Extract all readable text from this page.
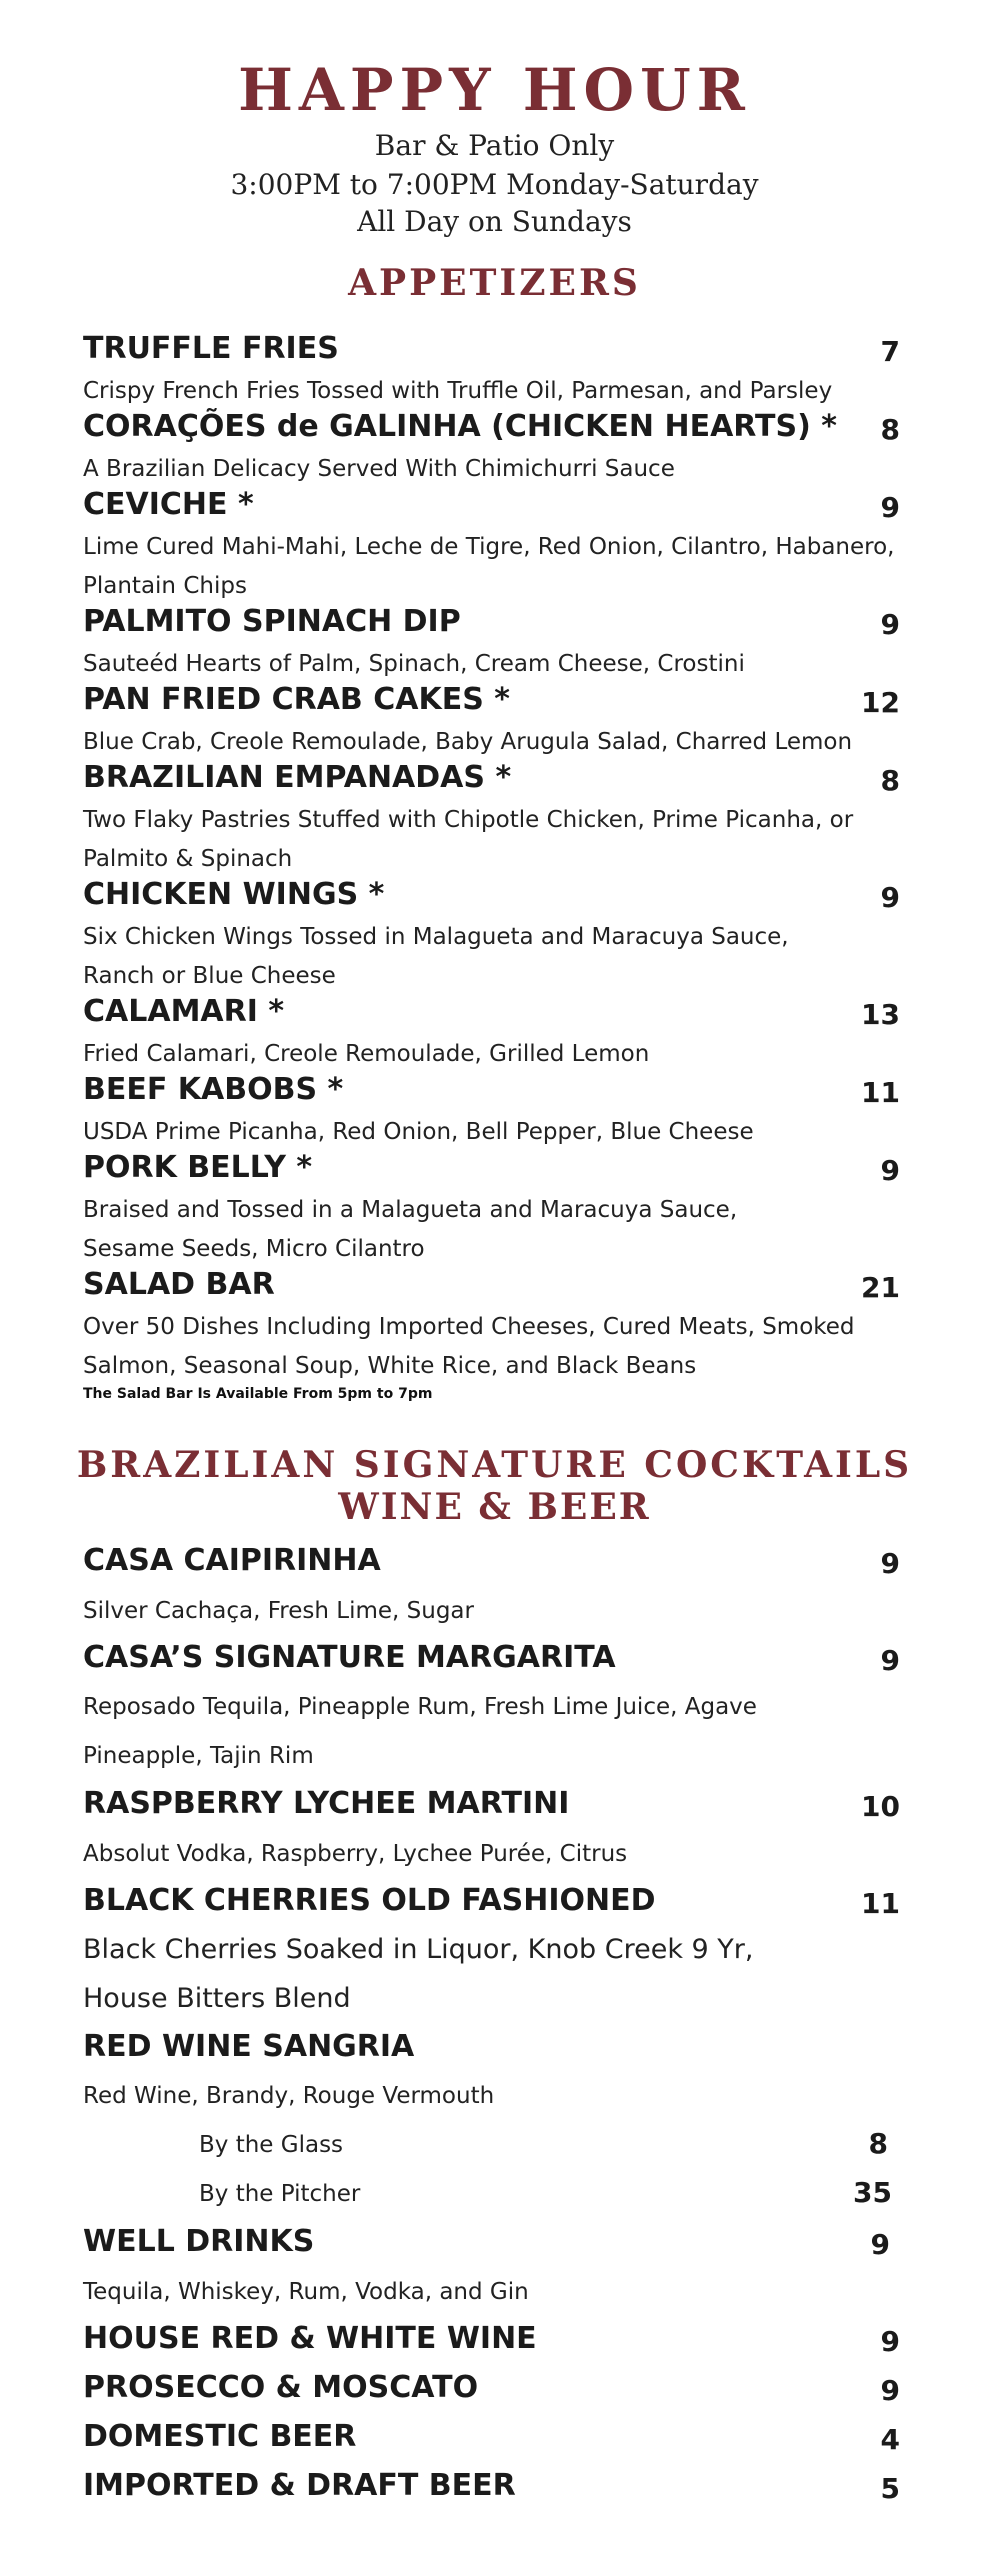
HAPPY HOUR
Bar & Patio Only
3:00PM to 7:00PM Monday-Saturday
All Day on Sundays
APPETIZERS
TRUFFLE FRIES	7
Crispy French Fries Tossed with Truffle Oil, Parmesan, and Parsley
CORAÇÕES de GALINHA (CHICKEN HEARTS) * 8
A Brazilian Delicacy Served With Chimichurri Sauce
CEVICHE *	9
Lime Cured Mahi-Mahi, Leche de Tigre, Red Onion, Cilantro, Habanero,
Plantain Chips
PALMITO SPINACH DIP	9
Sauteéd Hearts of Palm, Spinach, Cream Cheese, Crostini
PAN FRIED CRAB CAKES *	12
Blue Crab, Creole Remoulade, Baby Arugula Salad, Charred Lemon
BRAZILIAN EMPANADAS *	8
Two Flaky Pastries Stuffed with Chipotle Chicken, Prime Picanha, or
Palmito & Spinach
CHICKEN WINGS *	9
Six Chicken Wings Tossed in Malagueta and Maracuya Sauce,
Ranch or Blue Cheese
CALAMARI *	13
Fried Calamari, Creole Remoulade, Grilled Lemon
BEEF KABOBS *	11
USDA Prime Picanha, Red Onion, Bell Pepper, Blue Cheese
PORK BELLY *	9
Braised and Tossed in a Malagueta and Maracuya Sauce,
Sesame Seeds, Micro Cilantro
SALAD BAR	21
Over 50 Dishes Including Imported Cheeses, Cured Meats, Smoked
Salmon, Seasonal Soup, White Rice, and Black Beans
The Salad Bar Is Available From 5pm to 7pm
BRAZILIAN SIGNATURE COCKTAILS
WINE & BEER
CASA CAIPIRINHA	9
Silver Cachaça, Fresh Lime, Sugar
CASA’S SIGNATURE MARGARITA	9
Reposado Tequila, Pineapple Rum, Fresh Lime Juice, Agave
Pineapple, Tajin Rim
RASPBERRY LYCHEE MARTINI	10
Absolut Vodka, Raspberry, Lychee Purée, Citrus
BLACK CHERRIES OLD FASHIONED	11
Black Cherries Soaked in Liquor, Knob Creek 9 Yr,
House Bitters Blend
RED WINE SANGRIA
Red Wine, Brandy, Rouge Vermouth
By the Glass	8
By the Pitcher	35
WELL DRINKS	9
Tequila, Whiskey, Rum, Vodka, and Gin
HOUSE RED & WHITE WINE	9
PROSECCO & MOSCATO	9
DOMESTIC BEER	4
IMPORTED & DRAFT BEER	5
